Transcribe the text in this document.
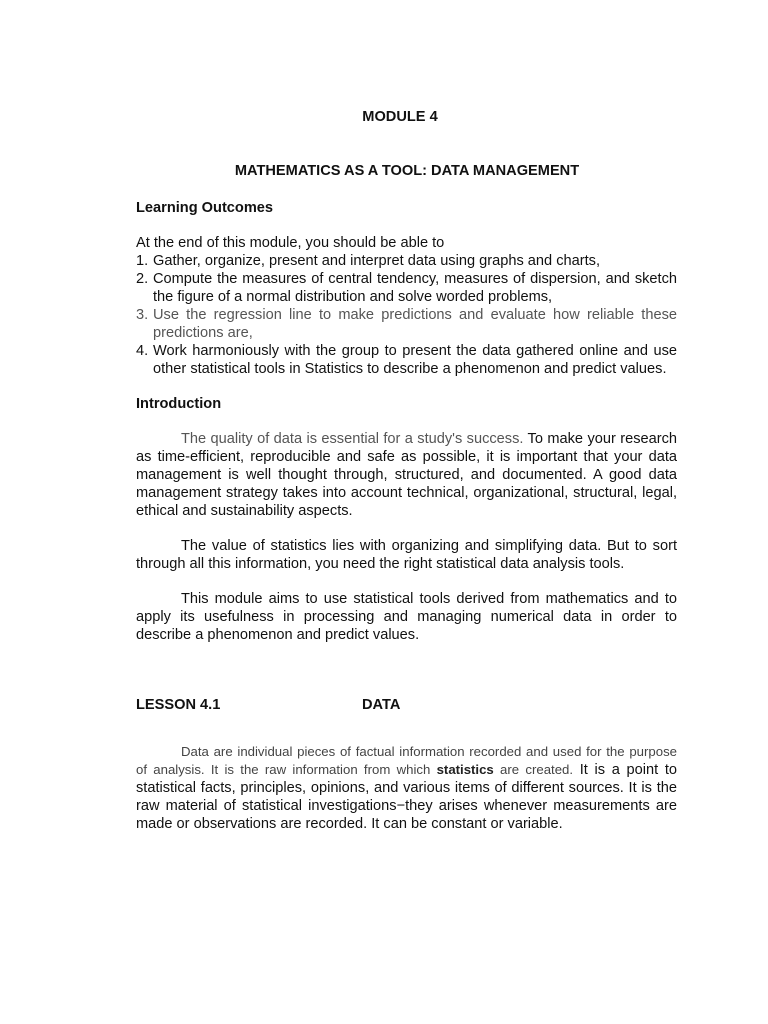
MODULE 4
MATHEMATICS AS A TOOL: DATA MANAGEMENT
Learning Outcomes

At the end of this module, you should be able to

1. Gather, organize, present and interpret data using graphs and charts,
2. Compute the measures of central tendency, measures of dispersion, and sketch the figure of a normal distribution and solve worded problems,
3. Use the regression line to make predictions and evaluate how reliable these predictions are,
4. Work harmoniously with the group to present the data gathered online and use other statistical tools in Statistics to describe a phenomenon and predict values.
Introduction

The quality of data is essential for a study's success. To make your research as time-efficient, reproducible and safe as possible, it is important that your data management is well thought through, structured, and documented. A good data management strategy takes into account technical, organizational, structural, legal, ethical and sustainability aspects.

The value of statistics lies with organizing and simplifying data. But to sort through all this information, you need the right statistical data analysis tools.

This module aims to use statistical tools derived from mathematics and to apply its usefulness in processing and managing numerical data in order to describe a phenomenon and predict values.

LESSON 4.1	DATA

Data are individual pieces of factual information recorded and used for the purpose of analysis. It is the raw information from which statistics are created. It is a point to statistical facts, principles, opinions, and various items of different sources. It is the raw material of statistical investigations−they arises whenever measurements are made or observations are recorded. It can be constant or variable.
